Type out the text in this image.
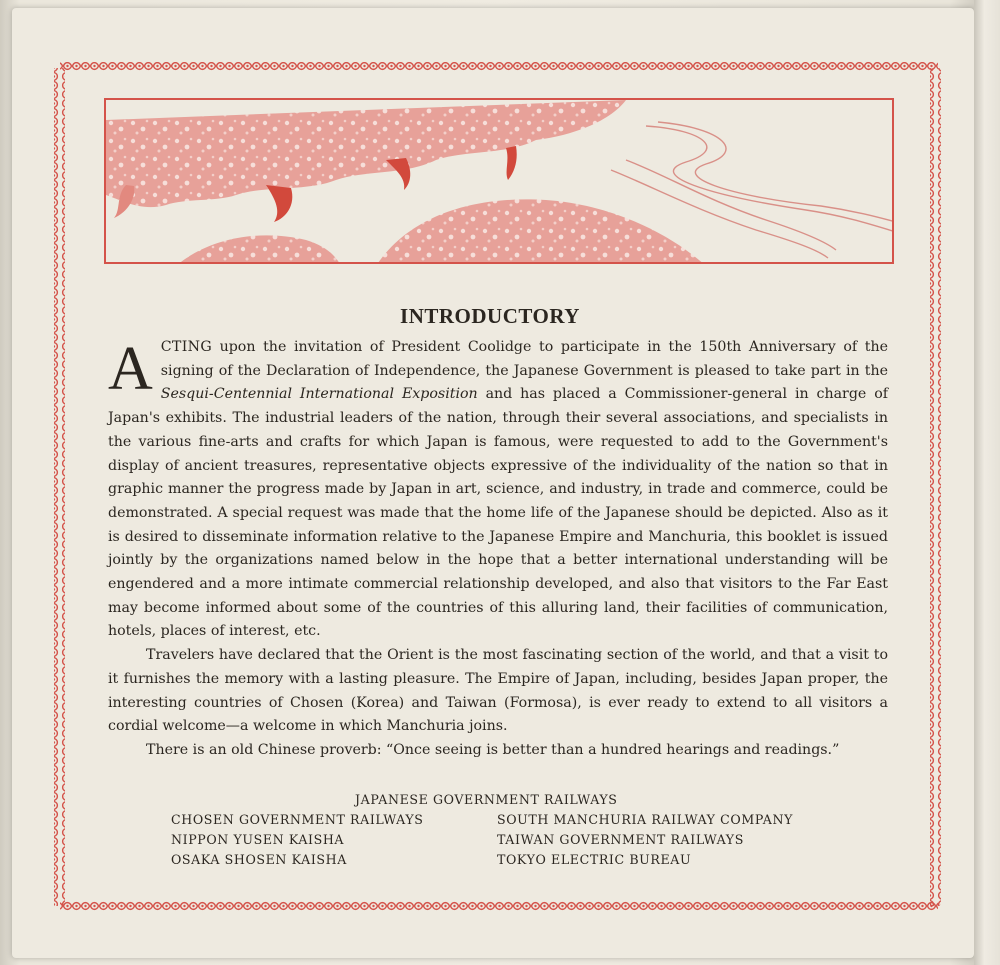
INTRODUCTORY

ACTING upon the invitation of President Coolidge to participate in the 150th Anniversary of the signing of the Declaration of Independence, the Japanese Government is pleased to take part in the Sesqui-Centennial International Exposition and has placed a Commissioner-general in charge of Japan's exhibits. The industrial leaders of the nation, through their several associations, and specialists in the various fine-arts and crafts for which Japan is famous, were requested to add to the Government's display of ancient treasures, representative objects expressive of the individuality of the nation so that in graphic manner the progress made by Japan in art, science, and industry, in trade and commerce, could be demonstrated. A special request was made that the home life of the Japanese should be depicted. Also as it is desired to disseminate information relative to the Japanese Empire and Manchuria, this booklet is issued jointly by the organizations named below in the hope that a better international understanding will be engendered and a more intimate commercial relationship developed, and also that visitors to the Far East may become informed about some of the countries of this alluring land, their facilities of communication, hotels, places of interest, etc.

Travelers have declared that the Orient is the most fascinating section of the world, and that a visit to it furnishes the memory with a lasting pleasure. The Empire of Japan, including, besides Japan proper, the interesting countries of Chosen (Korea) and Taiwan (Formosa), is ever ready to extend to all visitors a cordial welcome—a welcome in which Manchuria joins.

There is an old Chinese proverb: “Once seeing is better than a hundred hearings and readings.”

JAPANESE GOVERNMENT RAILWAYS
CHOSEN GOVERNMENT RAILWAYS
NIPPON YUSEN KAISHA
OSAKA SHOSEN KAISHA
SOUTH MANCHURIA RAILWAY COMPANY
TAIWAN GOVERNMENT RAILWAYS
TOKYO ELECTRIC BUREAU
